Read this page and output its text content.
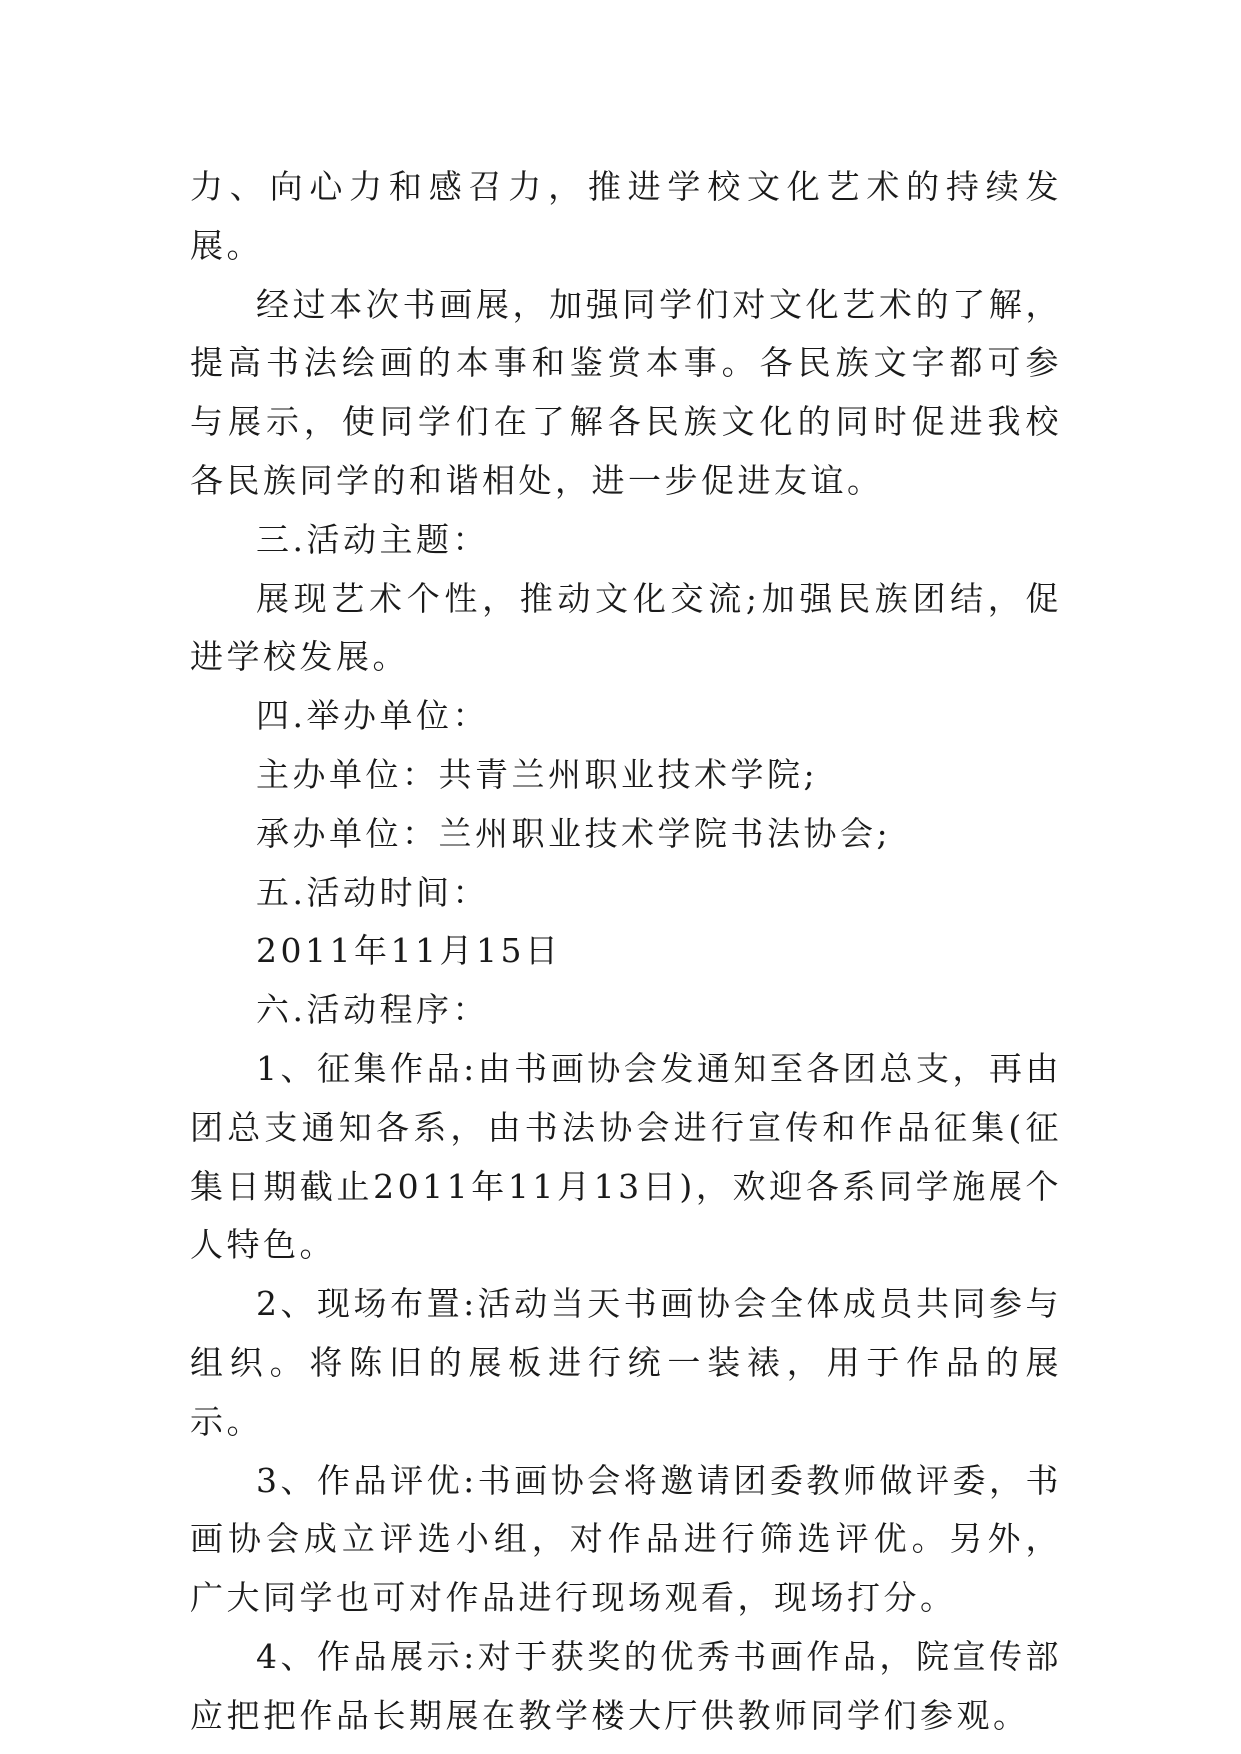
力、向心力和感召力，推进学校文化艺术的持续发展。

经过本次书画展，加强同学们对文化艺术的了解，提高书法绘画的本事和鉴赏本事。各民族文字都可参与展示，使同学们在了解各民族文化的同时促进我校各民族同学的和谐相处，进一步促进友谊。

三.活动主题：

展现艺术个性，推动文化交流;加强民族团结，促进学校发展。

四.举办单位：

主办单位：共青兰州职业技术学院;

承办单位：兰州职业技术学院书法协会;

五.活动时间：

2011年11月15日

六.活动程序：

1、征集作品:由书画协会发通知至各团总支，再由团总支通知各系，由书法协会进行宣传和作品征集(征集日期截止2011年11月13日)，欢迎各系同学施展个人特色。

2、现场布置:活动当天书画协会全体成员共同参与组织。将陈旧的展板进行统一装裱，用于作品的展示。

3、作品评优:书画协会将邀请团委教师做评委，书画协会成立评选小组，对作品进行筛选评优。另外，广大同学也可对作品进行现场观看，现场打分。

4、作品展示:对于获奖的优秀书画作品，院宣传部应把把作品长期展在教学楼大厅供教师同学们参观。
